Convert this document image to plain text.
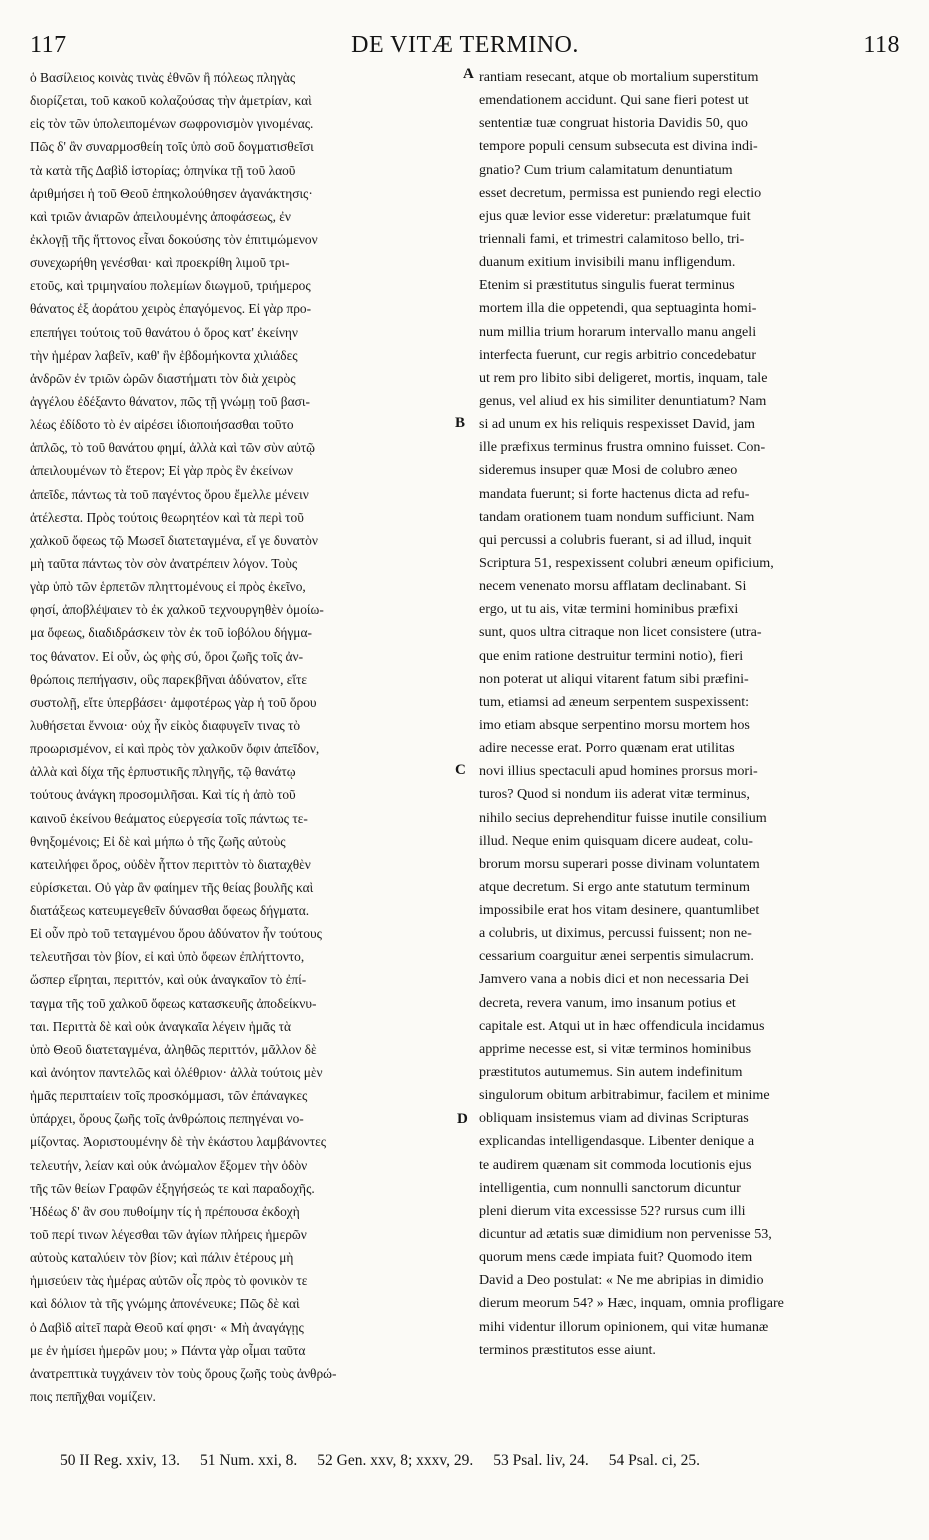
117	DE VITÆ TERMINO.	118
ὁ Βασίλειος κοινὰς τινὰς ἐθνῶν ἢ πόλεως πληγὰς
διορίζεται, τοῦ κακοῦ κολαζούσας τὴν ἀμετρίαν, καὶ
εἰς τὸν τῶν ὑπολειπομένων σωφρονισμὸν γινομένας.
Πῶς δ' ἂν συναρμοσθείη τοῖς ὑπὸ σοῦ δογματισθεῖσι
τὰ κατὰ τῆς Δαβὶδ ἱστορίας; ὁπηνίκα τῇ τοῦ λαοῦ
ἀριθμήσει ἡ τοῦ Θεοῦ ἐπηκολούθησεν ἀγανάκτησις·
καὶ τριῶν ἀνιαρῶν ἀπειλουμένης ἀποφάσεως, ἐν
ἐκλογῇ τῆς ἥττονος εἶναι δοκούσης τὸν ἐπιτιμώμενον
συνεχωρήθη γενέσθαι· καὶ προεκρίθη λιμοῦ τρι-
ετοῦς, καὶ τριμηναίου πολεμίων διωγμοῦ, τριήμερος
θάνατος ἐξ ἀοράτου χειρὸς ἐπαγόμενος. Εἰ γὰρ προ-
επεπήγει τούτοις τοῦ θανάτου ὁ ὅρος κατ' ἐκείνην
τὴν ἡμέραν λαβεῖν, καθ' ἣν ἑβδομήκοντα χιλιάδες
ἀνδρῶν ἐν τριῶν ὡρῶν διαστήματι τὸν διὰ χειρὸς
ἀγγέλου ἐδέξαντο θάνατον, πῶς τῇ γνώμῃ τοῦ βασι-
λέως ἐδίδοτο τὸ ἐν αἱρέσει ἰδιοποιήσασθαι τοῦτο
ἁπλῶς, τὸ τοῦ θανάτου φημί, ἀλλὰ καὶ τῶν σὺν αὐτῷ
ἀπειλουμένων τὸ ἕτερον; Εἰ γὰρ πρὸς ἓν ἐκείνων
ἀπεῖδε, πάντως τὰ τοῦ παγέντος ὅρου ἔμελλε μένειν
ἀτέλεστα. Πρὸς τούτοις θεωρητέον καὶ τὰ περὶ τοῦ
χαλκοῦ ὄφεως τῷ Μωσεῖ διατεταγμένα, εἴ γε δυνατὸν
μὴ ταῦτα πάντως τὸν σὸν ἀνατρέπειν λόγον. Τοὺς
γὰρ ὑπὸ τῶν ἑρπετῶν πληττομένους εἰ πρὸς ἐκεῖνο,
φησί, ἀποβλέψαιεν τὸ ἐκ χαλκοῦ τεχνουργηθὲν ὁμοίω-
μα ὄφεως, διαδιδράσκειν τὸν ἐκ τοῦ ἰοβόλου δήγμα-
τος θάνατον. Εἰ οὖν, ὡς φὴς σύ, ὅροι ζωῆς τοῖς ἀν-
θρώποις πεπήγασιν, οὓς παρεκβῆναι ἀδύνατον, εἴτε
συστολῇ, εἴτε ὑπερβάσει· ἀμφοτέρως γὰρ ἡ τοῦ ὅρου
λυθήσεται ἔννοια· οὐχ ἦν εἰκὸς διαφυγεῖν τινας τὸ
προωρισμένον, εἰ καὶ πρὸς τὸν χαλκοῦν ὄφιν ἀπεῖδον,
ἀλλὰ καὶ δίχα τῆς ἑρπυστικῆς πληγῆς, τῷ θανάτῳ
τούτους ἀνάγκη προσομιλῆσαι. Καὶ τίς ἡ ἀπὸ τοῦ
καινοῦ ἐκείνου θεάματος εὐεργεσία τοῖς πάντως τε-
θνηξομένοις; Εἰ δὲ καὶ μήπω ὁ τῆς ζωῆς αὐτοὺς
κατειλήφει ὅρος, οὐδὲν ἧττον περιττὸν τὸ διαταχθὲν
εὑρίσκεται. Οὐ γὰρ ἂν φαίημεν τῆς θείας βουλῆς καὶ
διατάξεως κατευμεγεθεῖν δύνασθαι ὄφεως δήγματα.
Εἰ οὖν πρὸ τοῦ τεταγμένου ὅρου ἀδύνατον ἦν τούτους
τελευτῆσαι τὸν βίον, εἰ καὶ ὑπὸ ὄφεων ἐπλήττοντο,
ὥσπερ εἴρηται, περιττόν, καὶ οὐκ ἀναγκαῖον τὸ ἐπί-
ταγμα τῆς τοῦ χαλκοῦ ὄφεως κατασκευῆς ἀποδείκνυ-
ται. Περιττὰ δὲ καὶ οὐκ ἀναγκαῖα λέγειν ἡμᾶς τὰ
ὑπὸ Θεοῦ διατεταγμένα, ἀληθῶς περιττόν, μᾶλλον δὲ
καὶ ἀνόητον παντελῶς καὶ ὀλέθριον· ἀλλὰ τούτοις μὲν
ἡμᾶς περιπταίειν τοῖς προσκόμμασι, τῶν ἐπάναγκες
ὑπάρχει, ὅρους ζωῆς τοῖς ἀνθρώποις πεπηγέναι νο-
μίζοντας. Ἀοριστουμένην δὲ τὴν ἑκάστου λαμβάνοντες
τελευτήν, λείαν καὶ οὐκ ἀνώμαλον ἕξομεν τὴν ὁδὸν
τῆς τῶν θείων Γραφῶν ἐξηγήσεώς τε καὶ παραδοχῆς.
Ἡδέως δ' ἂν σου πυθοίμην τίς ἡ πρέπουσα ἐκδοχὴ
τοῦ περί τινων λέγεσθαι τῶν ἁγίων πλήρεις ἡμερῶν
αὐτοὺς καταλύειν τὸν βίον; καὶ πάλιν ἑτέρους μὴ
ἡμισεύειν τὰς ἡμέρας αὐτῶν οἷς πρὸς τὸ φονικὸν τε
καὶ δόλιον τὰ τῆς γνώμης ἀπονένευκε; Πῶς δὲ καὶ
ὁ Δαβὶδ αἰτεῖ παρὰ Θεοῦ καί φησι· « Μὴ ἀναγάγῃς
με ἐν ἡμίσει ἡμερῶν μου; » Πάντα γὰρ οἶμαι ταῦτα
ἀνατρεπτικὰ τυγχάνειν τὸν τοὺς ὅρους ζωῆς τοὺς ἀνθρώ-
ποις πεπῆχθαι νομίζειν.
rantiam resecant, atque ob mortalium superstitum
emendationem accidunt. Qui sane fieri potest ut
sententiæ tuæ congruat historia Davidis 50, quo
tempore populi censum subsecuta est divina indi-
gnatio? Cum trium calamitatum denuntiatum
esset decretum, permissa est puniendo regi electio
ejus quæ levior esse videretur: prælatumque fuit
triennali fami, et trimestri calamitoso bello, tri-
duanum exitium invisibili manu infligendum.
Etenim si præstitutus singulis fuerat terminus
mortem illa die oppetendi, qua septuaginta homi-
num millia trium horarum intervallo manu angeli
interfecta fuerunt, cur regis arbitrio concedebatur
ut rem pro libito sibi deligeret, mortis, inquam, tale
genus, vel aliud ex his similiter denuntiatum? Nam
si ad unum ex his reliquis respexisset David, jam
ille præfixus terminus frustra omnino fuisset. Con-
sideremus insuper quæ Mosi de colubro æneo
mandata fuerunt; si forte hactenus dicta ad refu-
tandam orationem tuam nondum sufficiunt. Nam
qui percussi a colubris fuerant, si ad illud, inquit
Scriptura 51, respexissent colubri æneum opificium,
necem venenato morsu afflatam declinabant. Si
ergo, ut tu ais, vitæ termini hominibus præfixi
sunt, quos ultra citraque non licet consistere (utra-
que enim ratione destruitur termini notio), fieri
non poterat ut aliqui vitarent fatum sibi præfini-
tum, etiamsi ad æneum serpentem suspexissent:
imo etiam absque serpentino morsu mortem hos
adire necesse erat. Porro quænam erat utilitas
novi illius spectaculi apud homines prorsus mori-
turos? Quod si nondum iis aderat vitæ terminus,
nihilo secius deprehenditur fuisse inutile consilium
illud. Neque enim quisquam dicere audeat, colu-
brorum morsu superari posse divinam voluntatem
atque decretum. Si ergo ante statutum terminum
impossibile erat hos vitam desinere, quantumlibet
a colubris, ut diximus, percussi fuissent; non ne-
cessarium coarguitur ænei serpentis simulacrum.
Jamvero vana a nobis dici et non necessaria Dei
decreta, revera vanum, imo insanum potius et
capitale est. Atqui ut in hæc offendicula incidamus
apprime necesse est, si vitæ terminos hominibus
præstitutos autumemus. Sin autem indefinitum
singulorum obitum arbitrabimur, facilem et minime
obliquam insistemus viam ad divinas Scripturas
explicandas intelligendasque. Libenter denique a
te audirem quænam sit commoda locutionis ejus
intelligentia, cum nonnulli sanctorum dicuntur
pleni dierum vita excessisse 52? rursus cum illi
dicuntur ad ætatis suæ dimidium non pervenisse 53,
quorum mens cæde impiata fuit? Quomodo item
David a Deo postulat: « Ne me abripias in dimidio
dierum meorum 54? » Hæc, inquam, omnia profligare
mihi videntur illorum opinionem, qui vitæ humanæ
terminos præstitutos esse aiunt.
A
B
C
D
50 II Reg. xxiv, 13. 51 Num. xxi, 8. 52 Gen. xxv, 8; xxxv, 29. 53 Psal. liv, 24. 54 Psal. ci, 25.
